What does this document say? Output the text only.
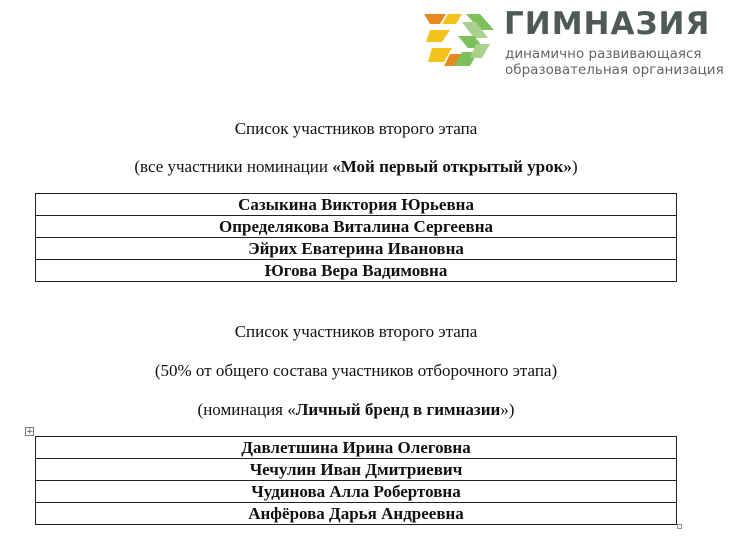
ГИМНАЗИЯ
динамично развивающаяся
образовательная организация
Список участников второго этапа
(все участники номинации «Мой первый открытый урок»)
Сазыкина Виктория Юрьевна
Определякова Виталина Сергеевна
Эйрих Еватерина Ивановна
Югова Вера Вадимовна
Список участников второго этапа
(50% от общего состава участников отборочного этапа)
(номинация «Личный бренд в гимназии»)
+
Давлетшина Ирина Олеговна
Чечулин Иван Дмитриевич
Чудинова Алла Робертовна
Анфёрова Дарья Андреевна
